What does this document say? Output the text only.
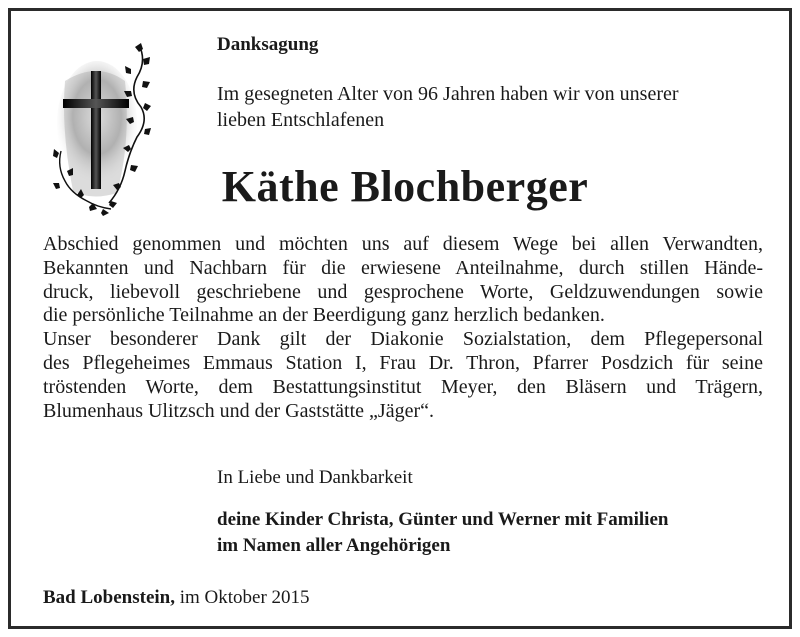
Danksagung
Im gesegneten Alter von 96 Jahren haben wir von unserer
lieben Entschlafenen
Käthe Blochberger
Abschied genommen und möchten uns auf diesem Wege bei allen Verwandten,
Bekannten und Nachbarn für die erwiesene Anteilnahme, durch stillen Hände-
druck, liebevoll geschriebene und gesprochene Worte, Geldzuwendungen sowie
die persönliche Teilnahme an der Beerdigung ganz herzlich bedanken.
Unser besonderer Dank gilt der Diakonie Sozialstation, dem Pflegepersonal
des Pflegeheimes Emmaus Station I, Frau Dr. Thron, Pfarrer Posdzich für seine
tröstenden Worte, dem Bestattungsinstitut Meyer, den Bläsern und Trägern,
Blumenhaus Ulitzsch und der Gaststätte „Jäger“.
In Liebe und Dankbarkeit
deine Kinder Christa, Günter und Werner mit Familien
im Namen aller Angehörigen
Bad Lobenstein, im Oktober 2015
